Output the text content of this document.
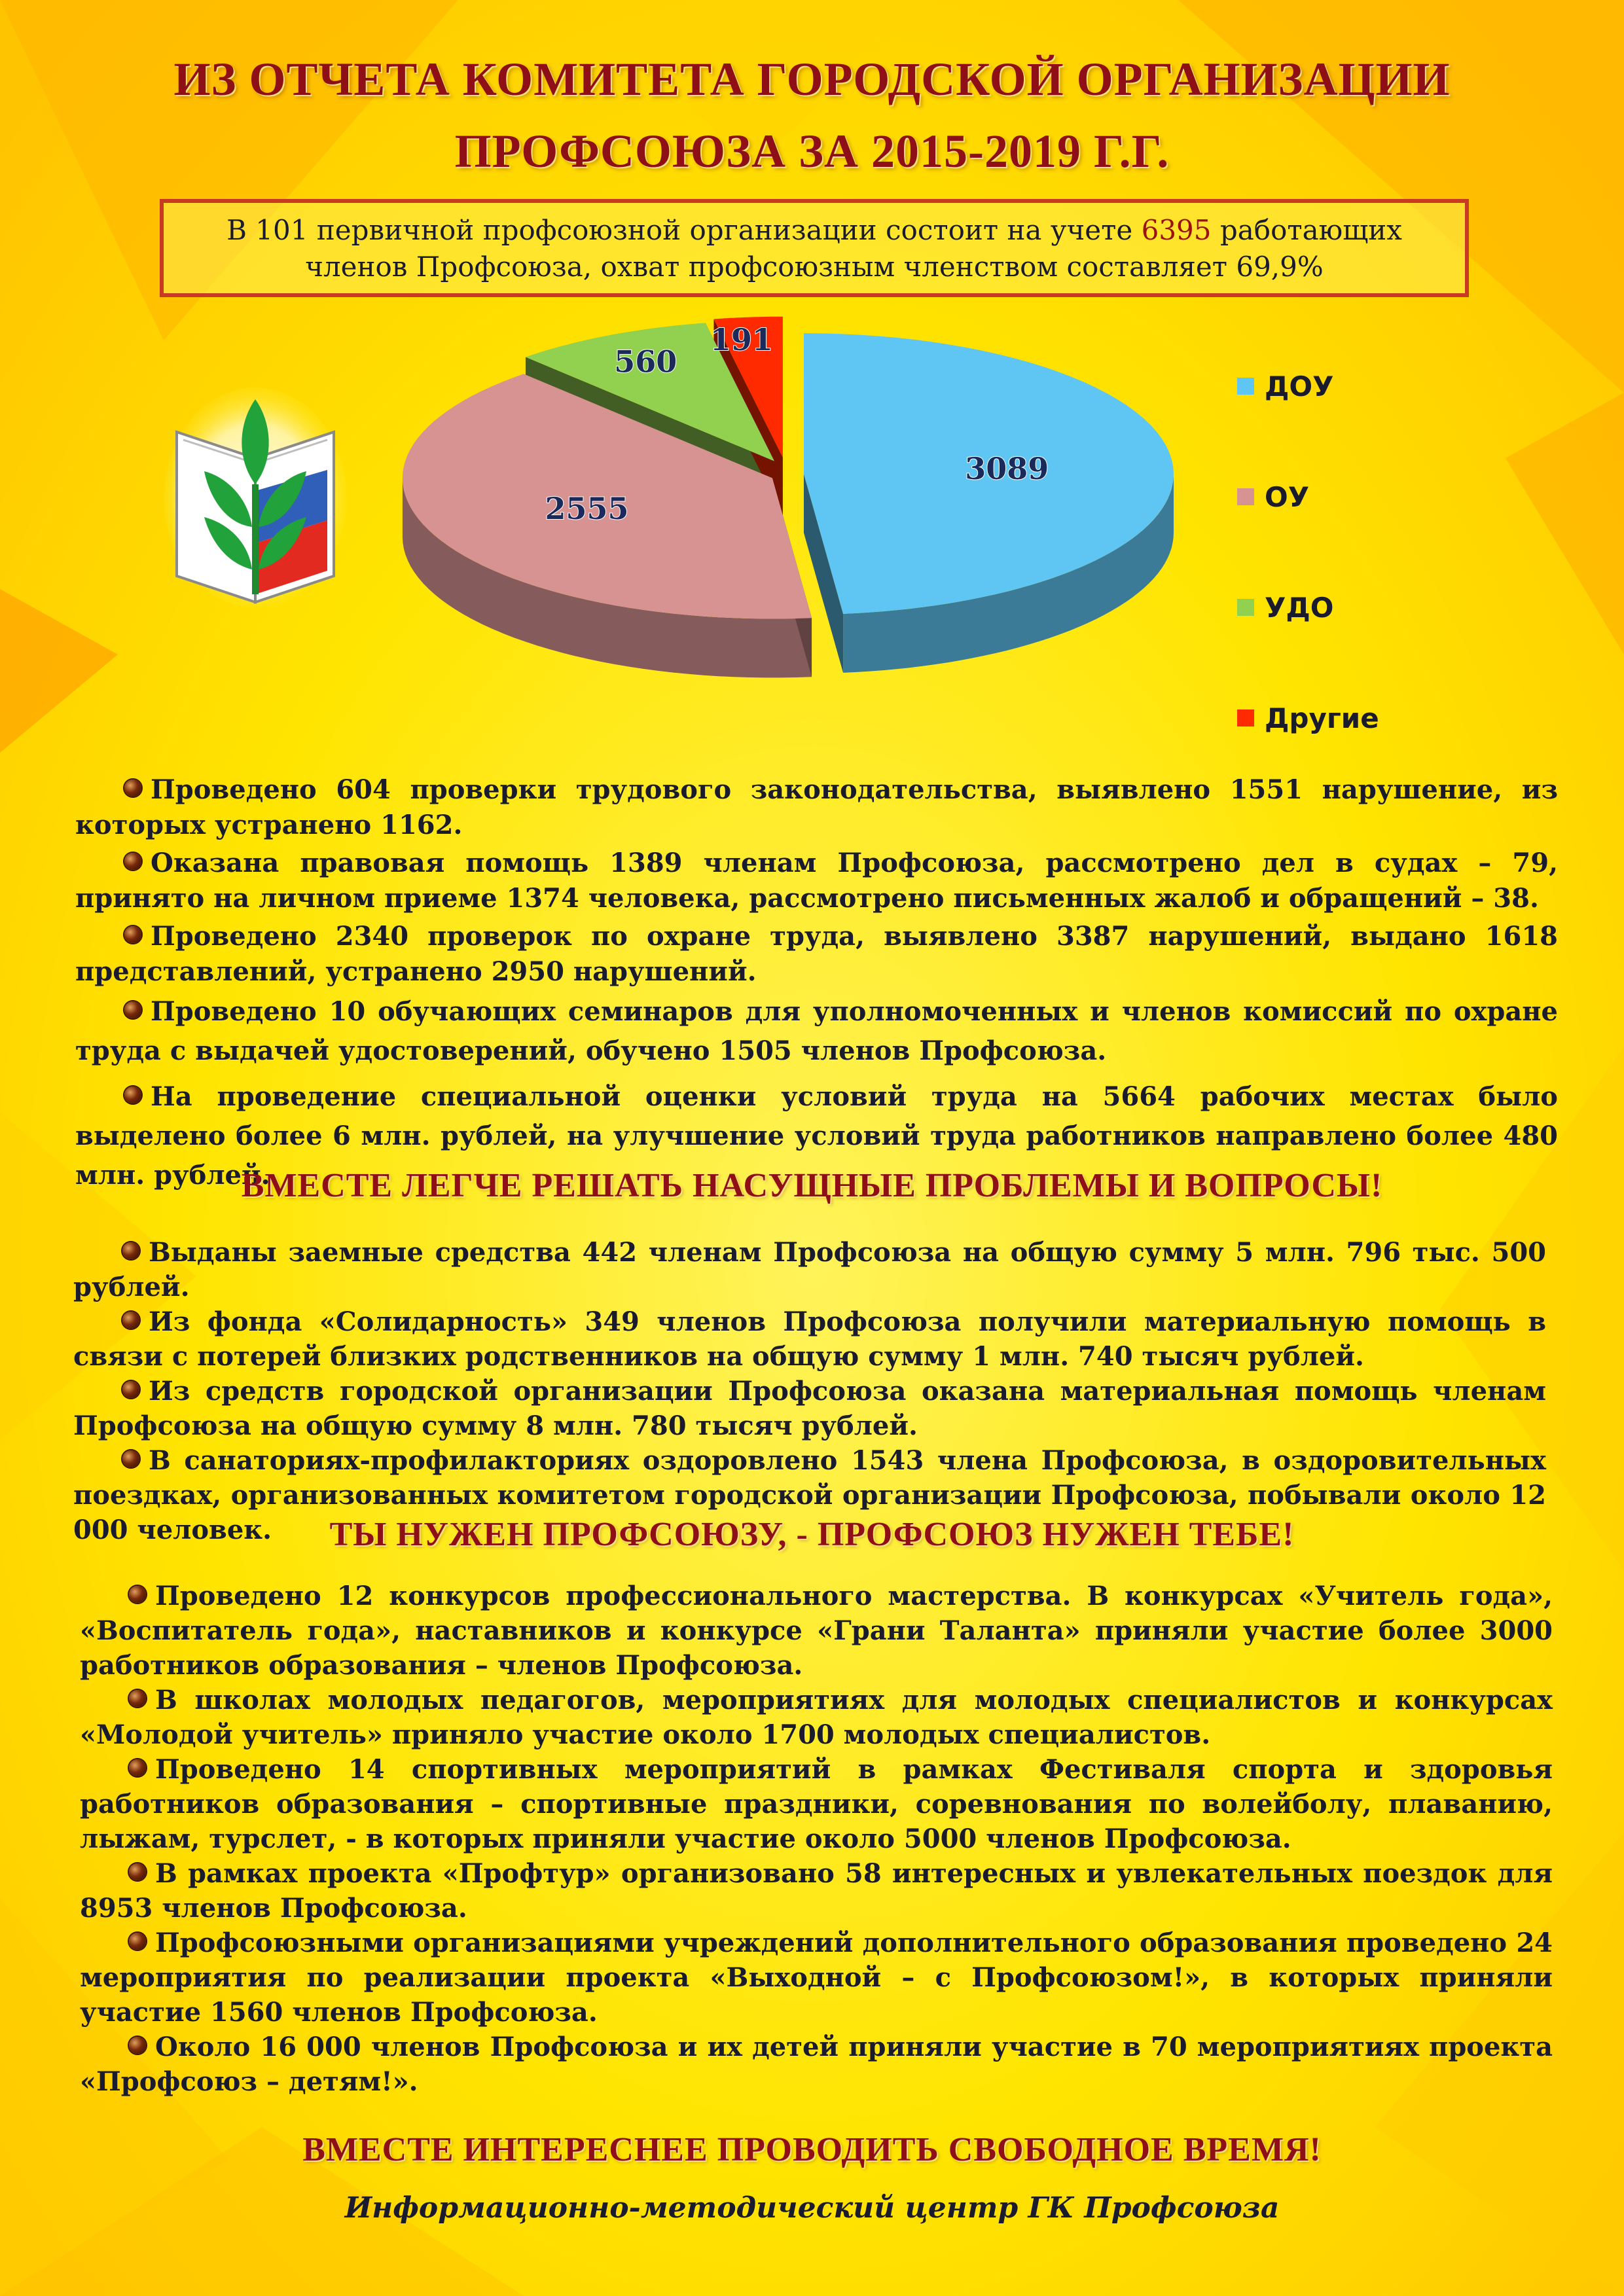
ИЗ ОТЧЕТА КОМИТЕТА ГОРОДСКОЙ ОРГАНИЗАЦИИ
ПРОФСОЮЗА ЗА 2015-2019 Г.Г.
В 101 первичной профсоюзной организации состоит на учете 6395 работающих
членов Профсоюза, охват профсоюзным членством составляет 69,9%
3089
2555
560
191
ДОУ
ОУ
УДО
Другие

Проведено 604 проверки трудового законодательства, выявлено 1551 нарушение, из которых устранено 1162.

Оказана правовая помощь 1389 членам Профсоюза, рассмотрено дел в судах – 79, принято на личном приеме 1374 человека, рассмотрено письменных жалоб и обращений – 38.

Проведено 2340 проверок по охране труда, выявлено 3387 нарушений, выдано 1618 представлений, устранено 2950 нарушений.

Проведено 10 обучающих семинаров для уполномоченных и членов комиссий по охране труда с выдачей удостоверений, обучено 1505 членов Профсоюза.

На проведение специальной оценки условий труда на 5664 рабочих местах было выделено более 6 млн. рублей, на улучшение условий труда работников направлено более 480 млн. рублей.

ВМЕСТЕ ЛЕГЧЕ РЕШАТЬ НАСУЩНЫЕ ПРОБЛЕМЫ И ВОПРОСЫ!

Выданы заемные средства 442 членам Профсоюза на общую сумму 5 млн. 796 тыс. 500 рублей.

Из фонда «Солидарность» 349 членов Профсоюза получили материальную помощь в связи с потерей близких родственников на общую сумму 1 млн. 740 тысяч рублей.

Из средств городской организации Профсоюза оказана материальная помощь членам Профсоюза на общую сумму 8 млн. 780 тысяч рублей.

В санаториях-профилакториях оздоровлено 1543 члена Профсоюза, в оздоровительных поездках, организованных комитетом городской организации Профсоюза, побывали около 12 000 человек.	ТЫ НУЖЕН ПРОФСОЮЗУ, - ПРОФСОЮЗ НУЖЕН ТЕБЕ!

Проведено 12 конкурсов профессионального мастерства. В конкурсах «Учитель года», «Воспитатель года», наставников и конкурсе «Грани Таланта» приняли участие более 3000 работников образования – членов Профсоюза.

В школах молодых педагогов, мероприятиях для молодых специалистов и конкурсах «Молодой учитель» приняло участие около 1700 молодых специалистов.

Проведено 14 спортивных мероприятий в рамках Фестиваля спорта и здоровья работников образования – спортивные праздники, соревнования по волейболу, плаванию, лыжам, турслет, - в которых приняли участие около 5000 членов Профсоюза.

В рамках проекта «Профтур» организовано 58 интересных и увлекательных поездок для 8953 членов Профсоюза.

Профсоюзными организациями учреждений дополнительного образования проведено 24 мероприятия по реализации проекта «Выходной – с Профсоюзом!», в которых приняли участие 1560 членов Профсоюза.

Около 16 000 членов Профсоюза и их детей приняли участие в 70 мероприятиях проекта «Профсоюз – детям!».

ВМЕСТЕ ИНТЕРЕСНЕЕ ПРОВОДИТЬ СВОБОДНОЕ ВРЕМЯ!
Информационно-методический центр ГК Профсоюза
